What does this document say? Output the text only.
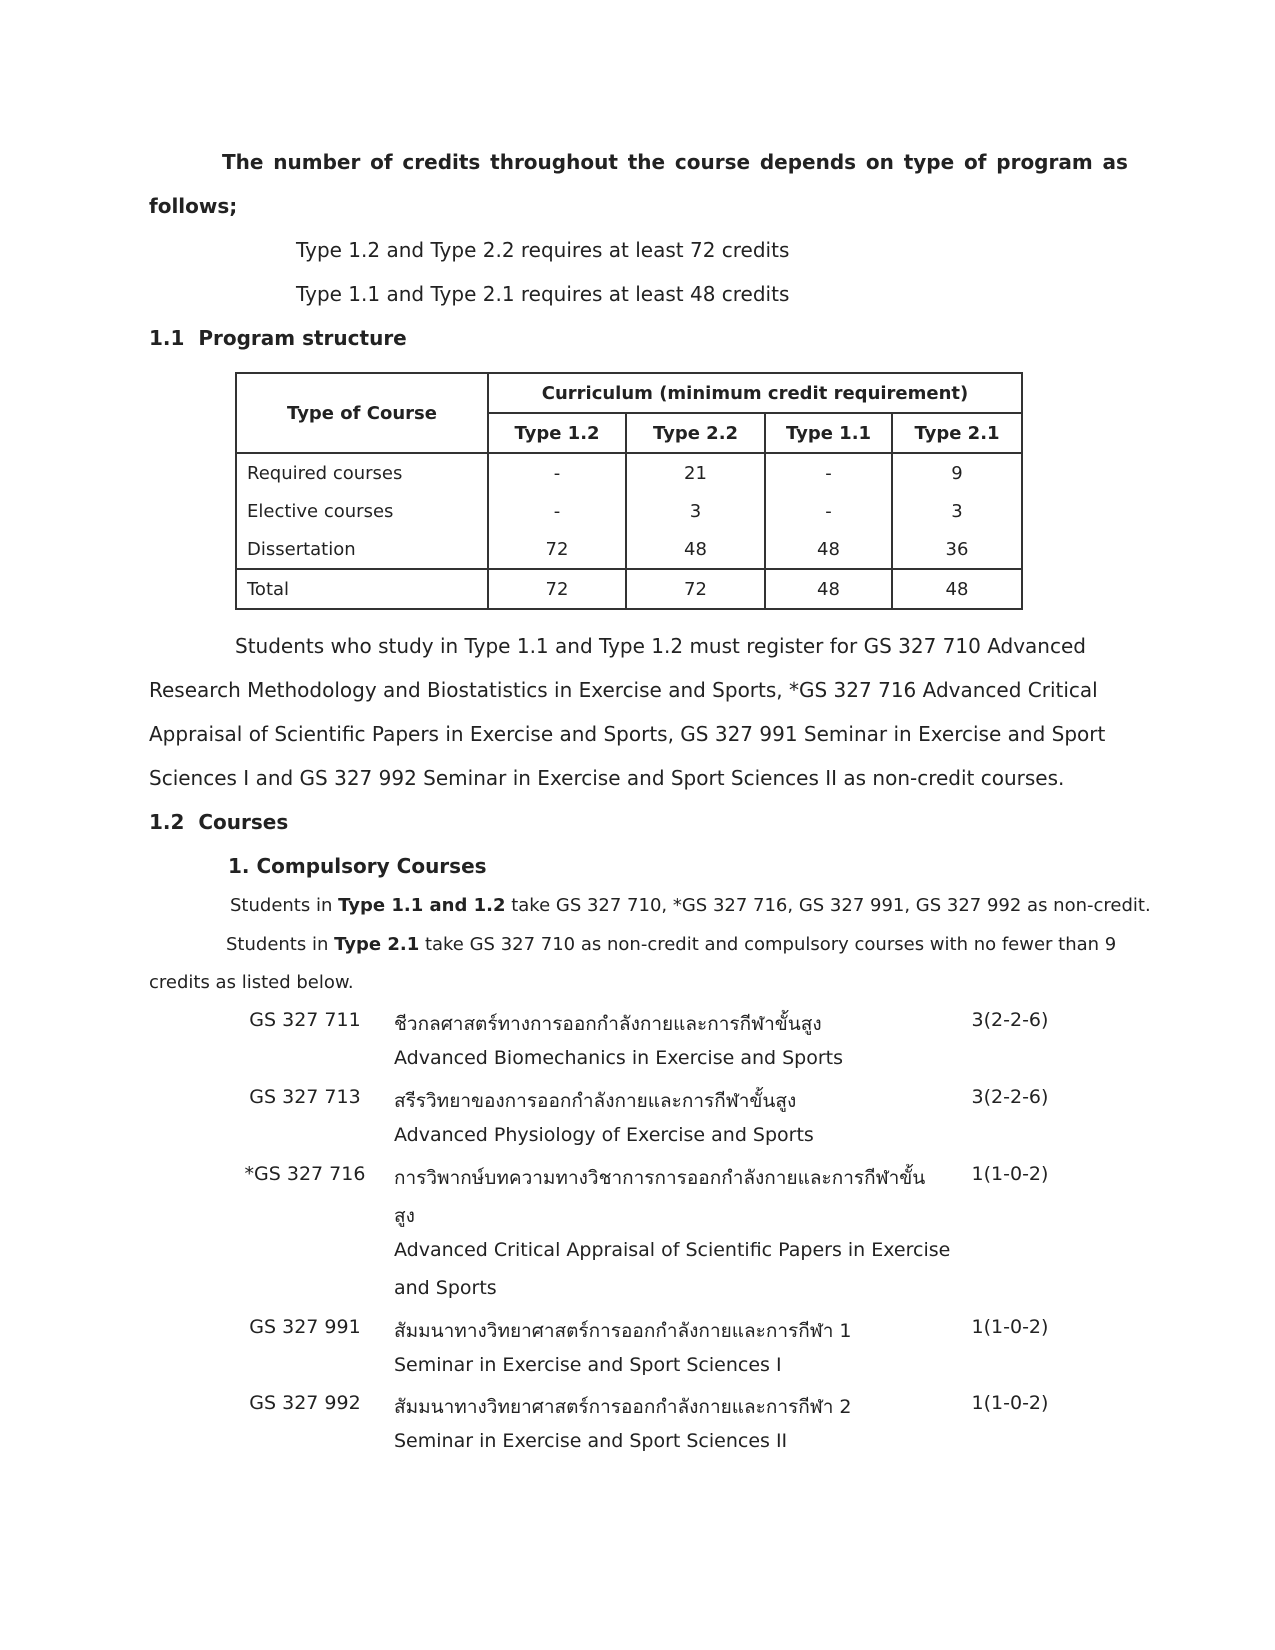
The number of credits throughout the course depends on type of program as
follows;
Type 1.2 and Type 2.2 requires at least 72 credits
Type 1.1 and Type 2.1 requires at least 48 credits
1.1  Program structure
Type of Course	Curriculum (minimum credit requirement)			
	Type 1.2	Type 2.2	Type 1.1	Type 2.1
Required courses	-	21	-	9
Elective courses	-	3	-	3
Dissertation	72	48	48	36
Total	72	72	48	48
Students who study in Type 1.1 and Type 1.2 must register for GS 327 710 Advanced
Research Methodology and Biostatistics in Exercise and Sports, *GS 327 716 Advanced Critical
Appraisal of Scientific Papers in Exercise and Sports, GS 327 991 Seminar in Exercise and Sport
Sciences I and GS 327 992 Seminar in Exercise and Sport Sciences II as non-credit courses.
1.2  Courses
1. Compulsory Courses
Students in Type 1.1 and 1.2 take GS 327 710, *GS 327 716, GS 327 991, GS 327 992 as non-credit.
Students in Type 2.1 take GS 327 710 as non-credit and compulsory courses with no fewer than 9
credits as listed below.
GS 327 711	ชีวกลศาสตร์ทางการออกกำลังกายและการกีฬาขั้นสูง	3(2-2-6)
Advanced Biomechanics in Exercise and Sports
GS 327 713	สรีรวิทยาของการออกกำลังกายและการกีฬาขั้นสูง	3(2-2-6)
Advanced Physiology of Exercise and Sports
*GS 327 716 การวิพากษ์บทความทางวิชาการการออกกำลังกายและการกีฬาขั้น	1(1-0-2)
สูง
Advanced Critical Appraisal of Scientific Papers in Exercise
and Sports
GS 327 991	สัมมนาทางวิทยาศาสตร์การออกกำลังกายและการกีฬา 1	1(1-0-2)
Seminar in Exercise and Sport Sciences I
GS 327 992	สัมมนาทางวิทยาศาสตร์การออกกำลังกายและการกีฬา 2	1(1-0-2)
Seminar in Exercise and Sport Sciences II
